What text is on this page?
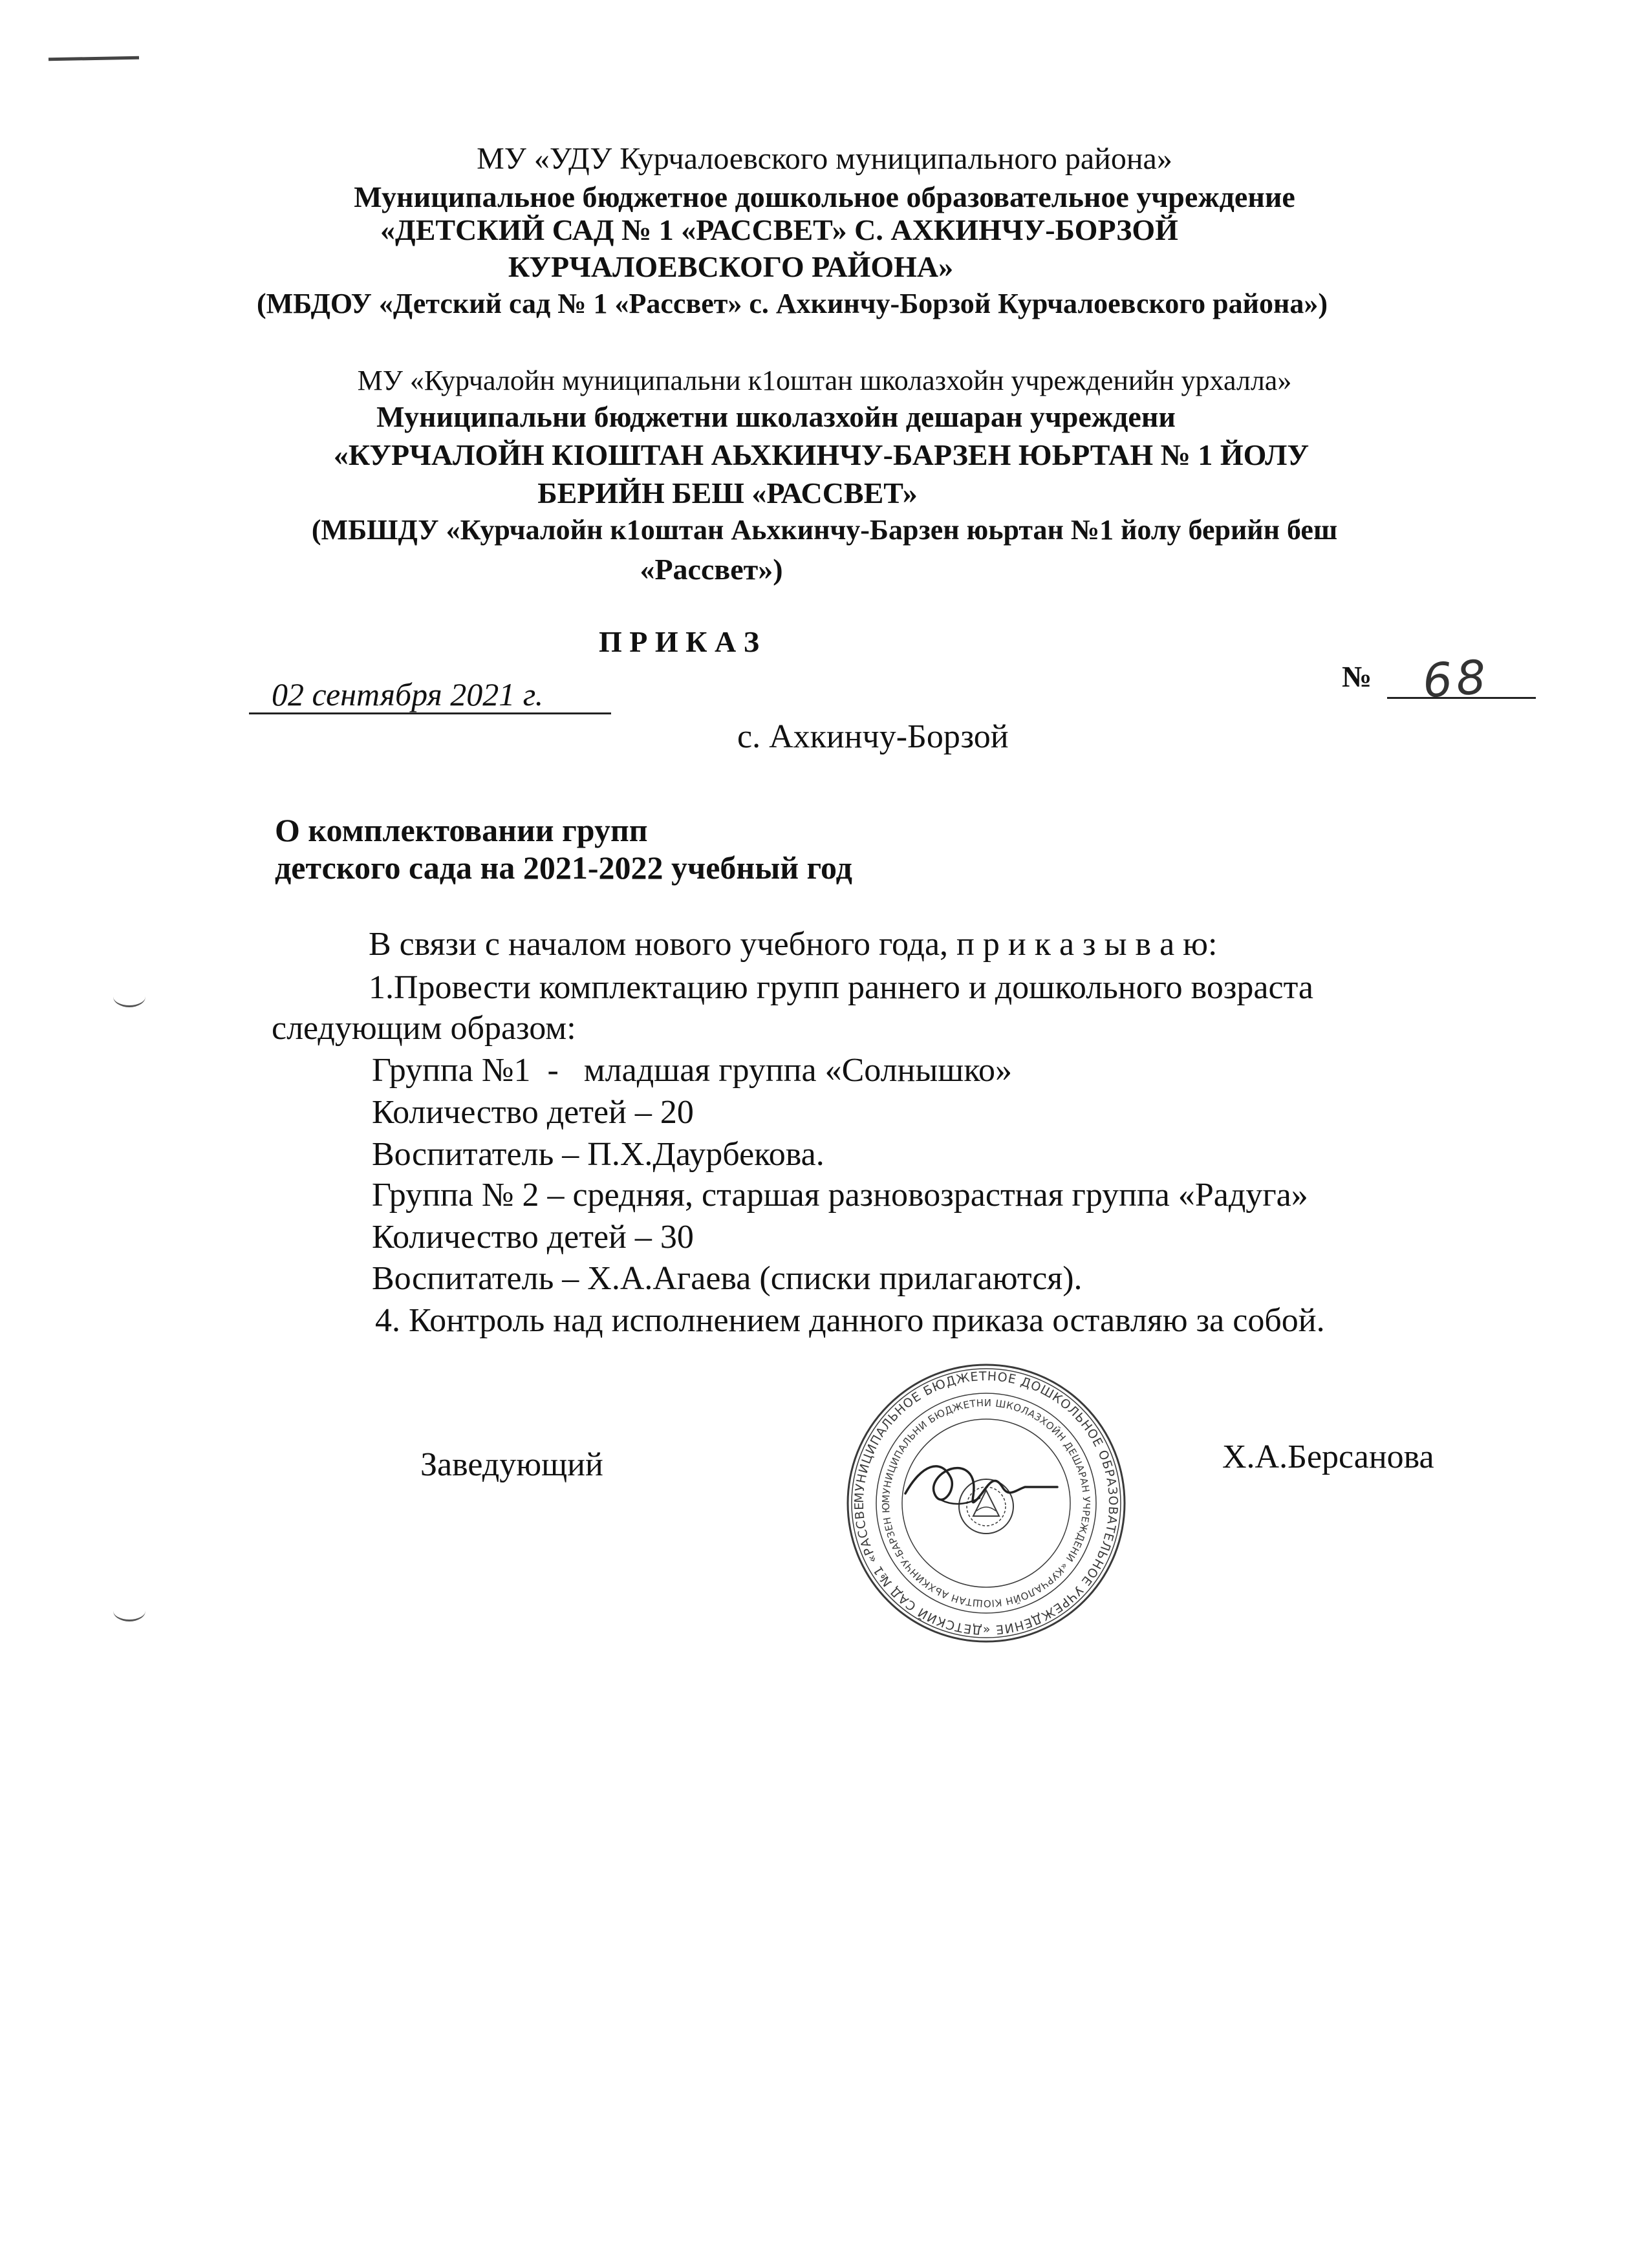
МУ «УДУ Курчалоевского муниципального района»
Муниципальное бюджетное дошкольное образовательное учреждение
«ДЕТСКИЙ САД № 1 «РАССВЕТ» С. АХКИНЧУ-БОРЗОЙ
КУРЧАЛОЕВСКОГО РАЙОНА»
(МБДОУ «Детский сад № 1 «Рассвет» с. Ахкинчу-Борзой Курчалоевского района»)
МУ «Курчалойн муниципальни к1оштан школазхойн учрежденийн урхалла»
Муниципальни бюджетни школазхойн дешаран учреждени
«КУРЧАЛОЙН КIОШТАН АЬХКИНЧУ-БАРЗЕН ЮЬРТАН № 1 ЙОЛУ
БЕРИЙН БЕШ «РАССВЕТ»
(МБШДУ «Курчалойн к1оштан Аьхкинчу-Барзен юьртан №1 йолу берийн беш
«Рассвет»)
П Р И К А З
02 сентября 2021 г.	№ 68
с. Ахкинчу-Борзой
О комплектовании групп
детского сада на 2021-2022 учебный год
В связи с началом нового учебного года, п р и к а з ы в а ю:
1.Провести комплектацию групп раннего и дошкольного возраста
следующим образом:
Группа №1  -   младшая группа «Солнышко»
Количество детей – 20
Воспитатель – П.Х.Даурбекова.
Группа № 2 – средняя, старшая разновозрастная группа «Радуга»
Количество детей – 30
Воспитатель – Х.А.Агаева (списки прилагаются).
4. Контроль над исполнением данного приказа оставляю за собой.
Заведующий	Х.А.Берсанова
МУНИЦИПАЛЬНОЕ БЮДЖЕТНОЕ ДОШКОЛЬНОЕ ОБРАЗОВАТЕЛЬНОЕ УЧРЕЖДЕНИЕ «ДЕТСКИЙ САД №1 «РАССВЕ
МУНИЦИПАЛЬНИ БЮДЖЕТНИ ШКОЛАЗХОЙН ДЕШАРАН УЧРЕЖДЕНИ «КУРЧАЛОЙН КIОШТАН АЬХКИНЧУ-БАРЗЕН Ю
